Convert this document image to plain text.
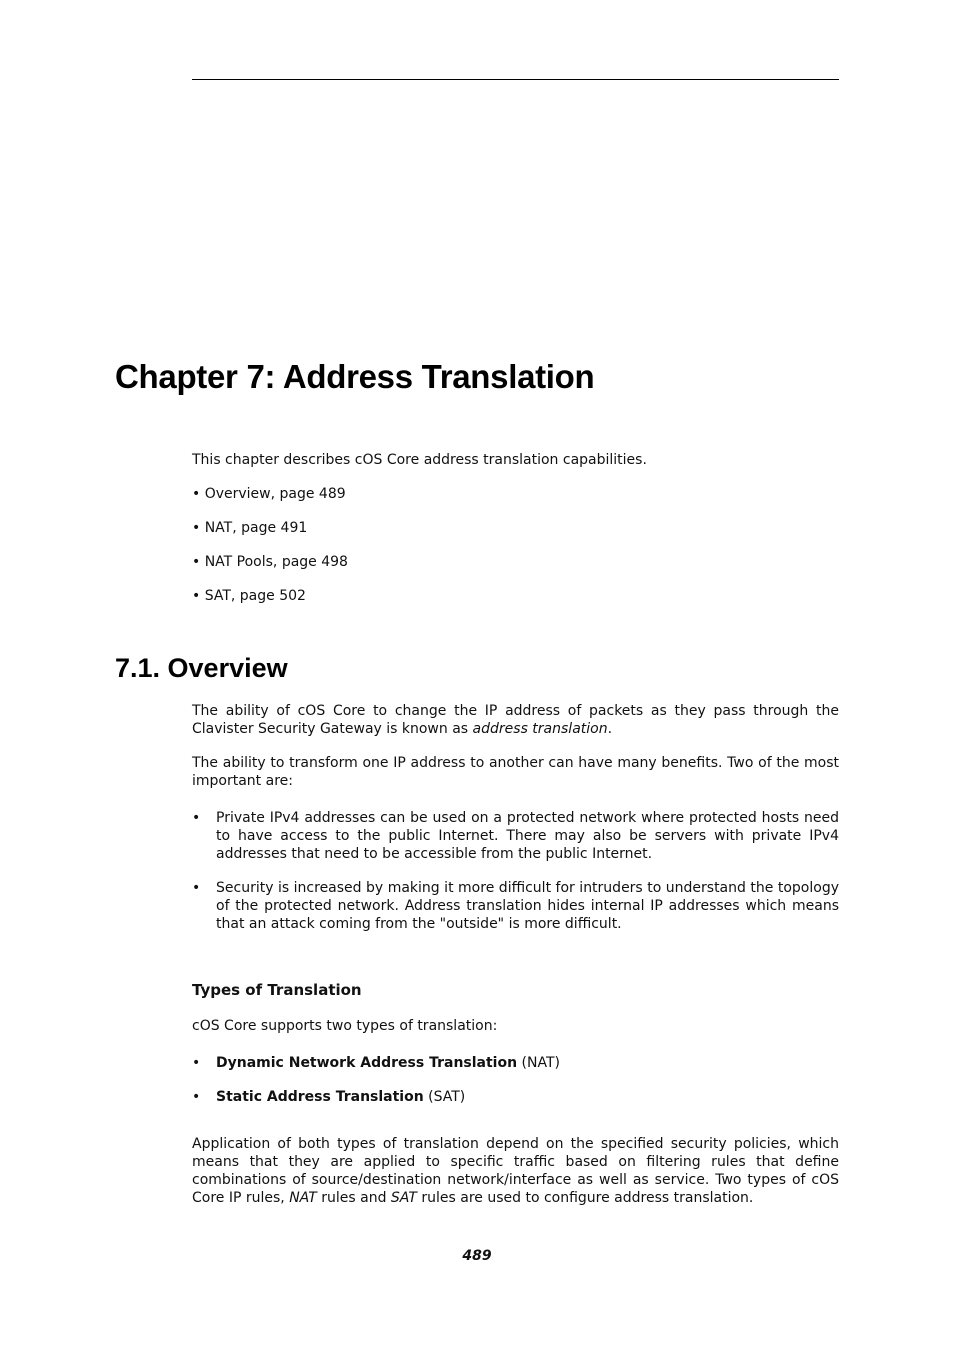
Chapter 7: Address Translation
This chapter describes cOS Core address translation capabilities.
• Overview, page 489
• NAT, page 491
• NAT Pools, page 498
• SAT, page 502
7.1. Overview

The ability of cOS Core to change the IP address of packets as they pass through the Clavister Security Gateway is known as address translation.

The ability to transform one IP address to another can have many benefits. Two of the most important are:

•	Private IPv4 addresses can be used on a protected network where protected hosts need to have access to the public Internet. There may also be servers with private IPv4 addresses that need to be accessible from the public Internet.
•	Security is increased by making it more difficult for intruders to understand the topology of the protected network. Address translation hides internal IP addresses which means that an attack coming from the "outside" is more difficult.
Types of Translation

cOS Core supports two types of translation:

•	Dynamic Network Address Translation (NAT)
•	Static Address Translation (SAT)

Application of both types of translation depend on the specified security policies, which means that they are applied to specific traffic based on filtering rules that define combinations of source/destination network/interface as well as service. Two types of cOS Core IP rules, NAT rules and SAT rules are used to configure address translation.

489
